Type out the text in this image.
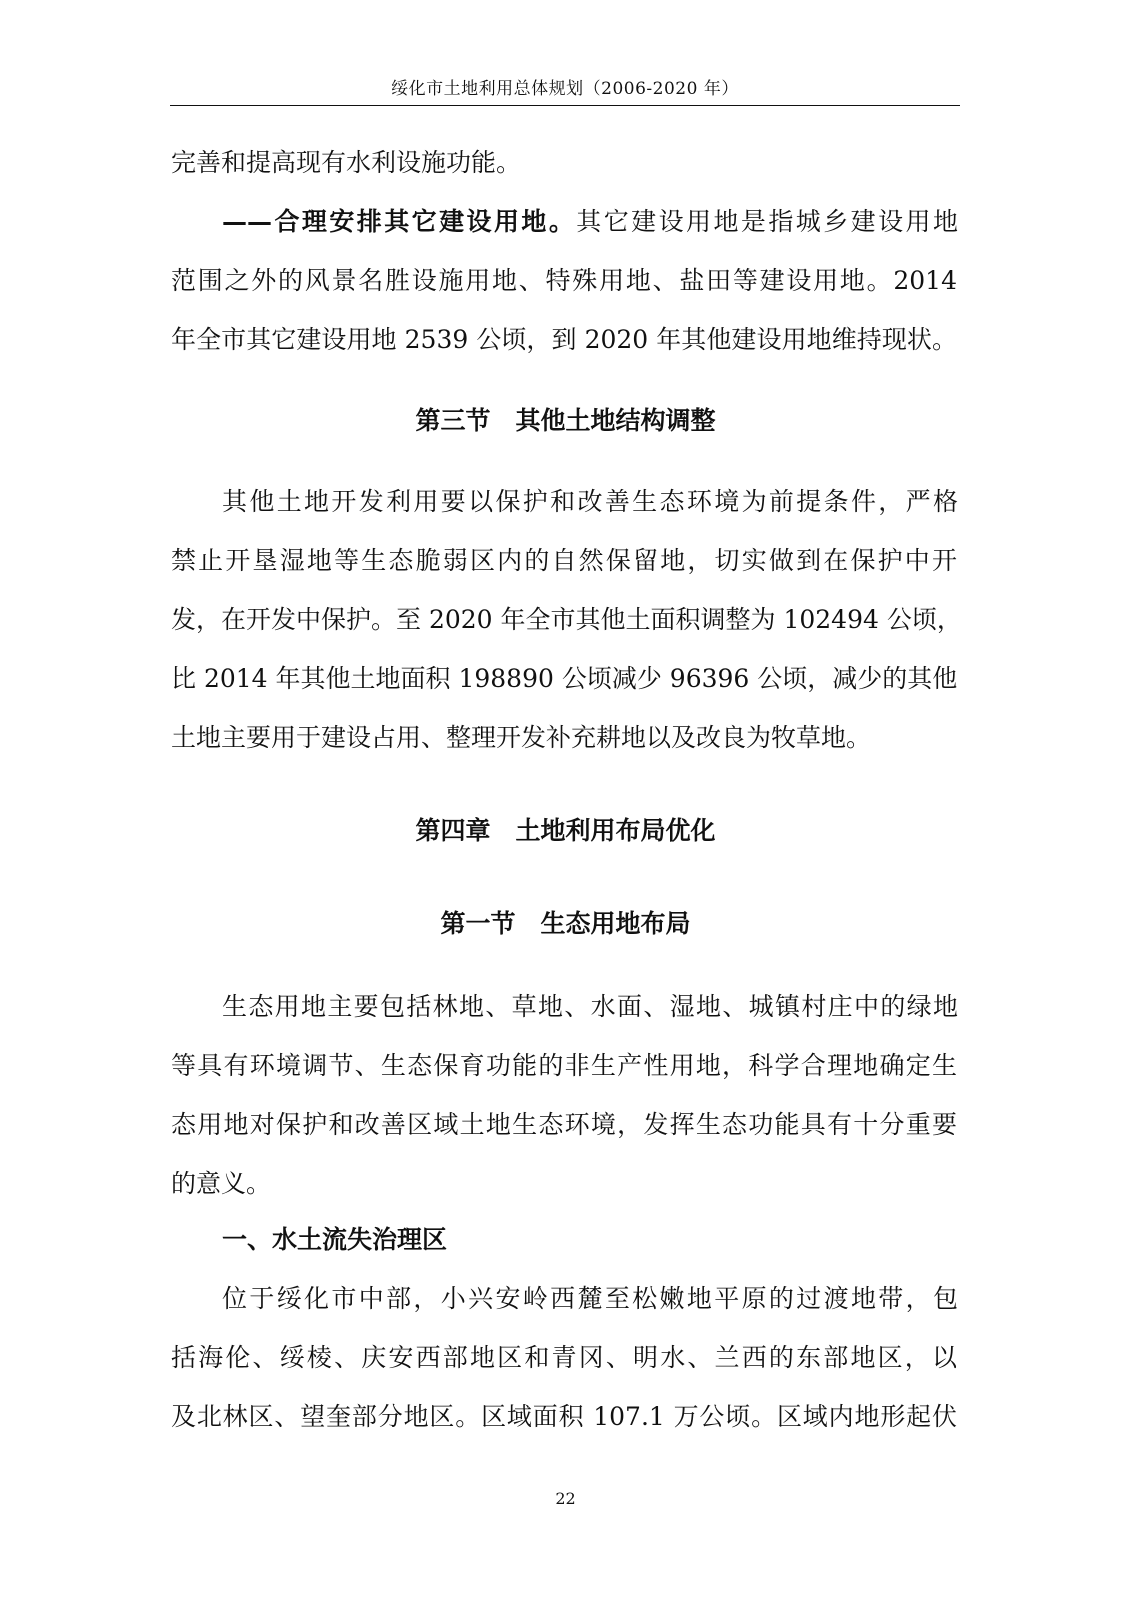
绥化市土地利用总体规划（2006-2020 年）
完善和提高现有水利设施功能。
——合理安排其它建设用地。其它建设用地是指城乡建设用地
范围之外的风景名胜设施用地、特殊用地、盐田等建设用地。2014
年全市其它建设用地 2539 公顷，到 2020 年其他建设用地维持现状。
第三节　其他土地结构调整
其他土地开发利用要以保护和改善生态环境为前提条件，严格
禁止开垦湿地等生态脆弱区内的自然保留地，切实做到在保护中开
发，在开发中保护。至 2020 年全市其他土面积调整为 102494 公顷，
比 2014 年其他土地面积 198890 公顷减少 96396 公顷，减少的其他
土地主要用于建设占用、整理开发补充耕地以及改良为牧草地。
第四章　土地利用布局优化
第一节　生态用地布局
生态用地主要包括林地、草地、水面、湿地、城镇村庄中的绿地
等具有环境调节、生态保育功能的非生产性用地，科学合理地确定生
态用地对保护和改善区域土地生态环境，发挥生态功能具有十分重要
的意义。
一、水土流失治理区
位于绥化市中部，小兴安岭西麓至松嫩地平原的过渡地带，包
括海伦、绥棱、庆安西部地区和青冈、明水、兰西的东部地区，以
及北林区、望奎部分地区。区域面积 107.1 万公顷。区域内地形起伏
22
